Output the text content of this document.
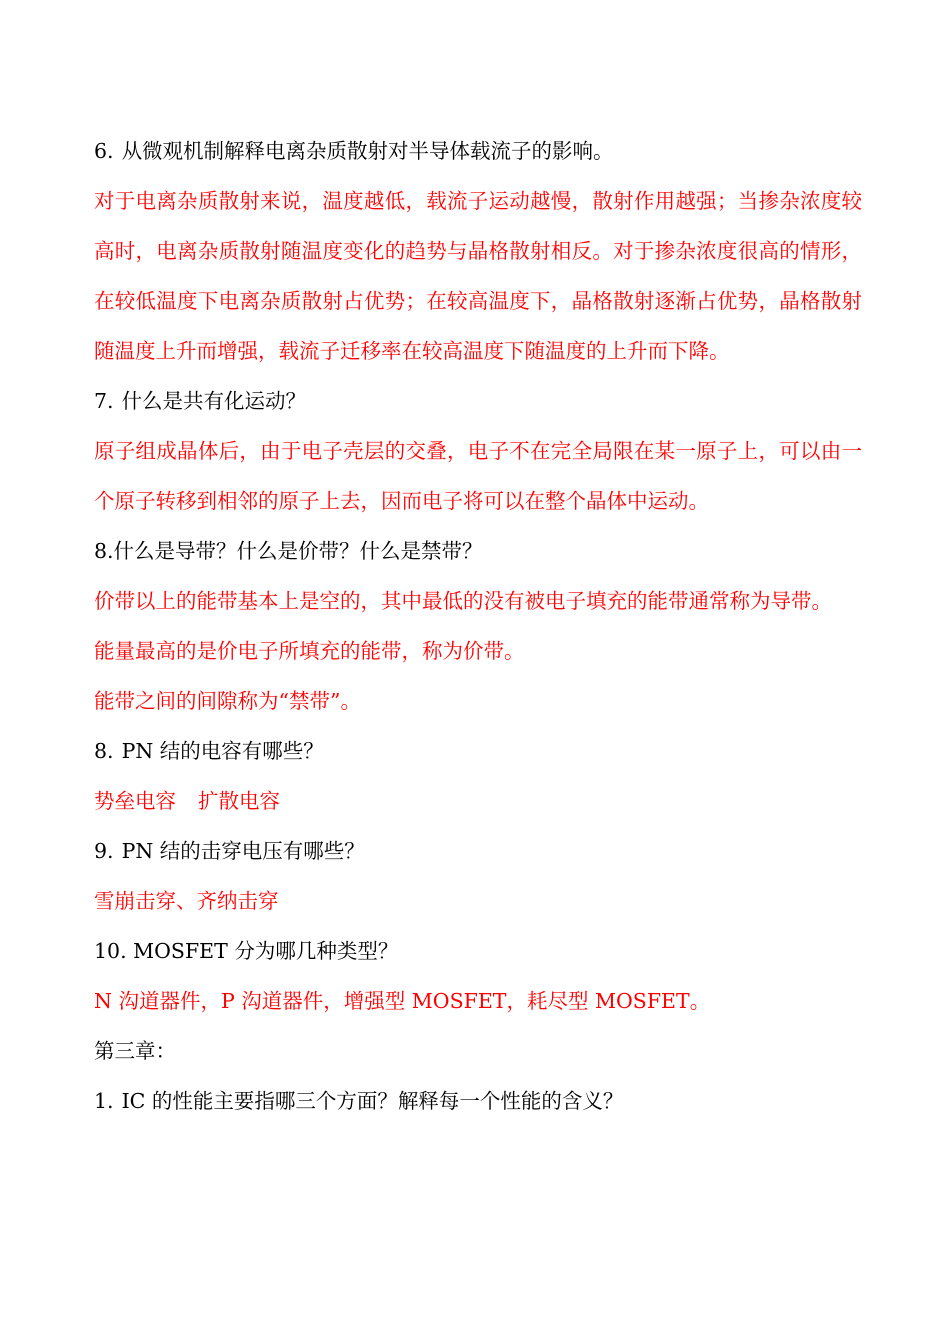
6. 从微观机制解释电离杂质散射对半导体载流子的影响。
对于电离杂质散射来说，温度越低，载流子运动越慢，散射作用越强；当掺杂浓度较高时，电离杂质散射随温度变化的趋势与晶格散射相反。对于掺杂浓度很高的情形，在较低温度下电离杂质散射占优势；在较高温度下，晶格散射逐渐占优势，晶格散射随温度上升而增强，载流子迁移率在较高温度下随温度的上升而下降。
7. 什么是共有化运动？
原子组成晶体后，由于电子壳层的交叠，电子不在完全局限在某一原子上，可以由一个原子转移到相邻的原子上去，因而电子将可以在整个晶体中运动。
8.什么是导带？什么是价带？什么是禁带？
价带以上的能带基本上是空的，其中最低的没有被电子填充的能带通常称为导带。
能量最高的是价电子所填充的能带，称为价带。
能带之间的间隙称为“禁带”。
8. PN 结的电容有哪些？
势垒电容 扩散电容
9. PN 结的击穿电压有哪些？
雪崩击穿、齐纳击穿
10. MOSFET 分为哪几种类型？
N 沟道器件，P 沟道器件，增强型 MOSFET，耗尽型 MOSFET。
第三章：
1. IC 的性能主要指哪三个方面？解释每一个性能的含义？
